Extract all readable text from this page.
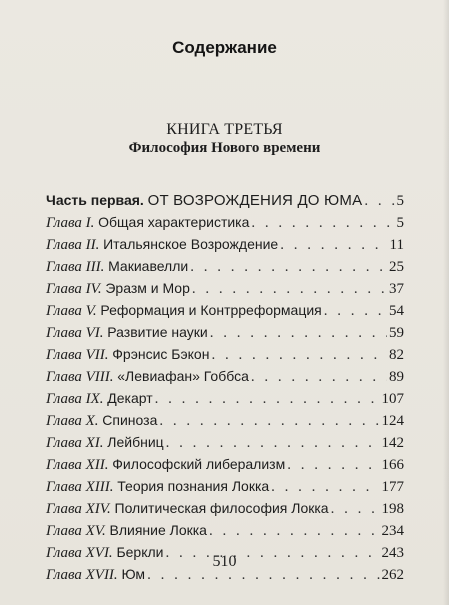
Содержание
КНИГА ТРЕТЬЯ
Философия Нового времени
Часть первая. ОТ ВОЗРОЖДЕНИЯ ДО ЮМА . . . 5
Глава I. Общая характеристика . . .	5
Глава II. Итальянское Возрождение . . .	11
Глава III. Макиавелли . . .	25
Глава IV. Эразм и Мор . . .	37
Глава V. Реформация и Контрреформация . . .	54
Глава VI. Развитие науки . . .	59
Глава VII. Фрэнсис Бэкон . . .	82
Глава VIII. «Левиафан» Гоббса . . .	89
Глава IX. Декарт . . .	107
Глава X. Спиноза . . .	124
Глава XI. Лейбниц . . .	142
Глава XII. Философский либерализм . . .	166
Глава XIII. Теория познания Локка . . .	177
Глава XIV. Политическая философия Локка . . .	198
Глава XV. Влияние Локка . . .	234
Глава XVI. Беркли . . .	243
Глава XVII. Юм . . .	262
510
